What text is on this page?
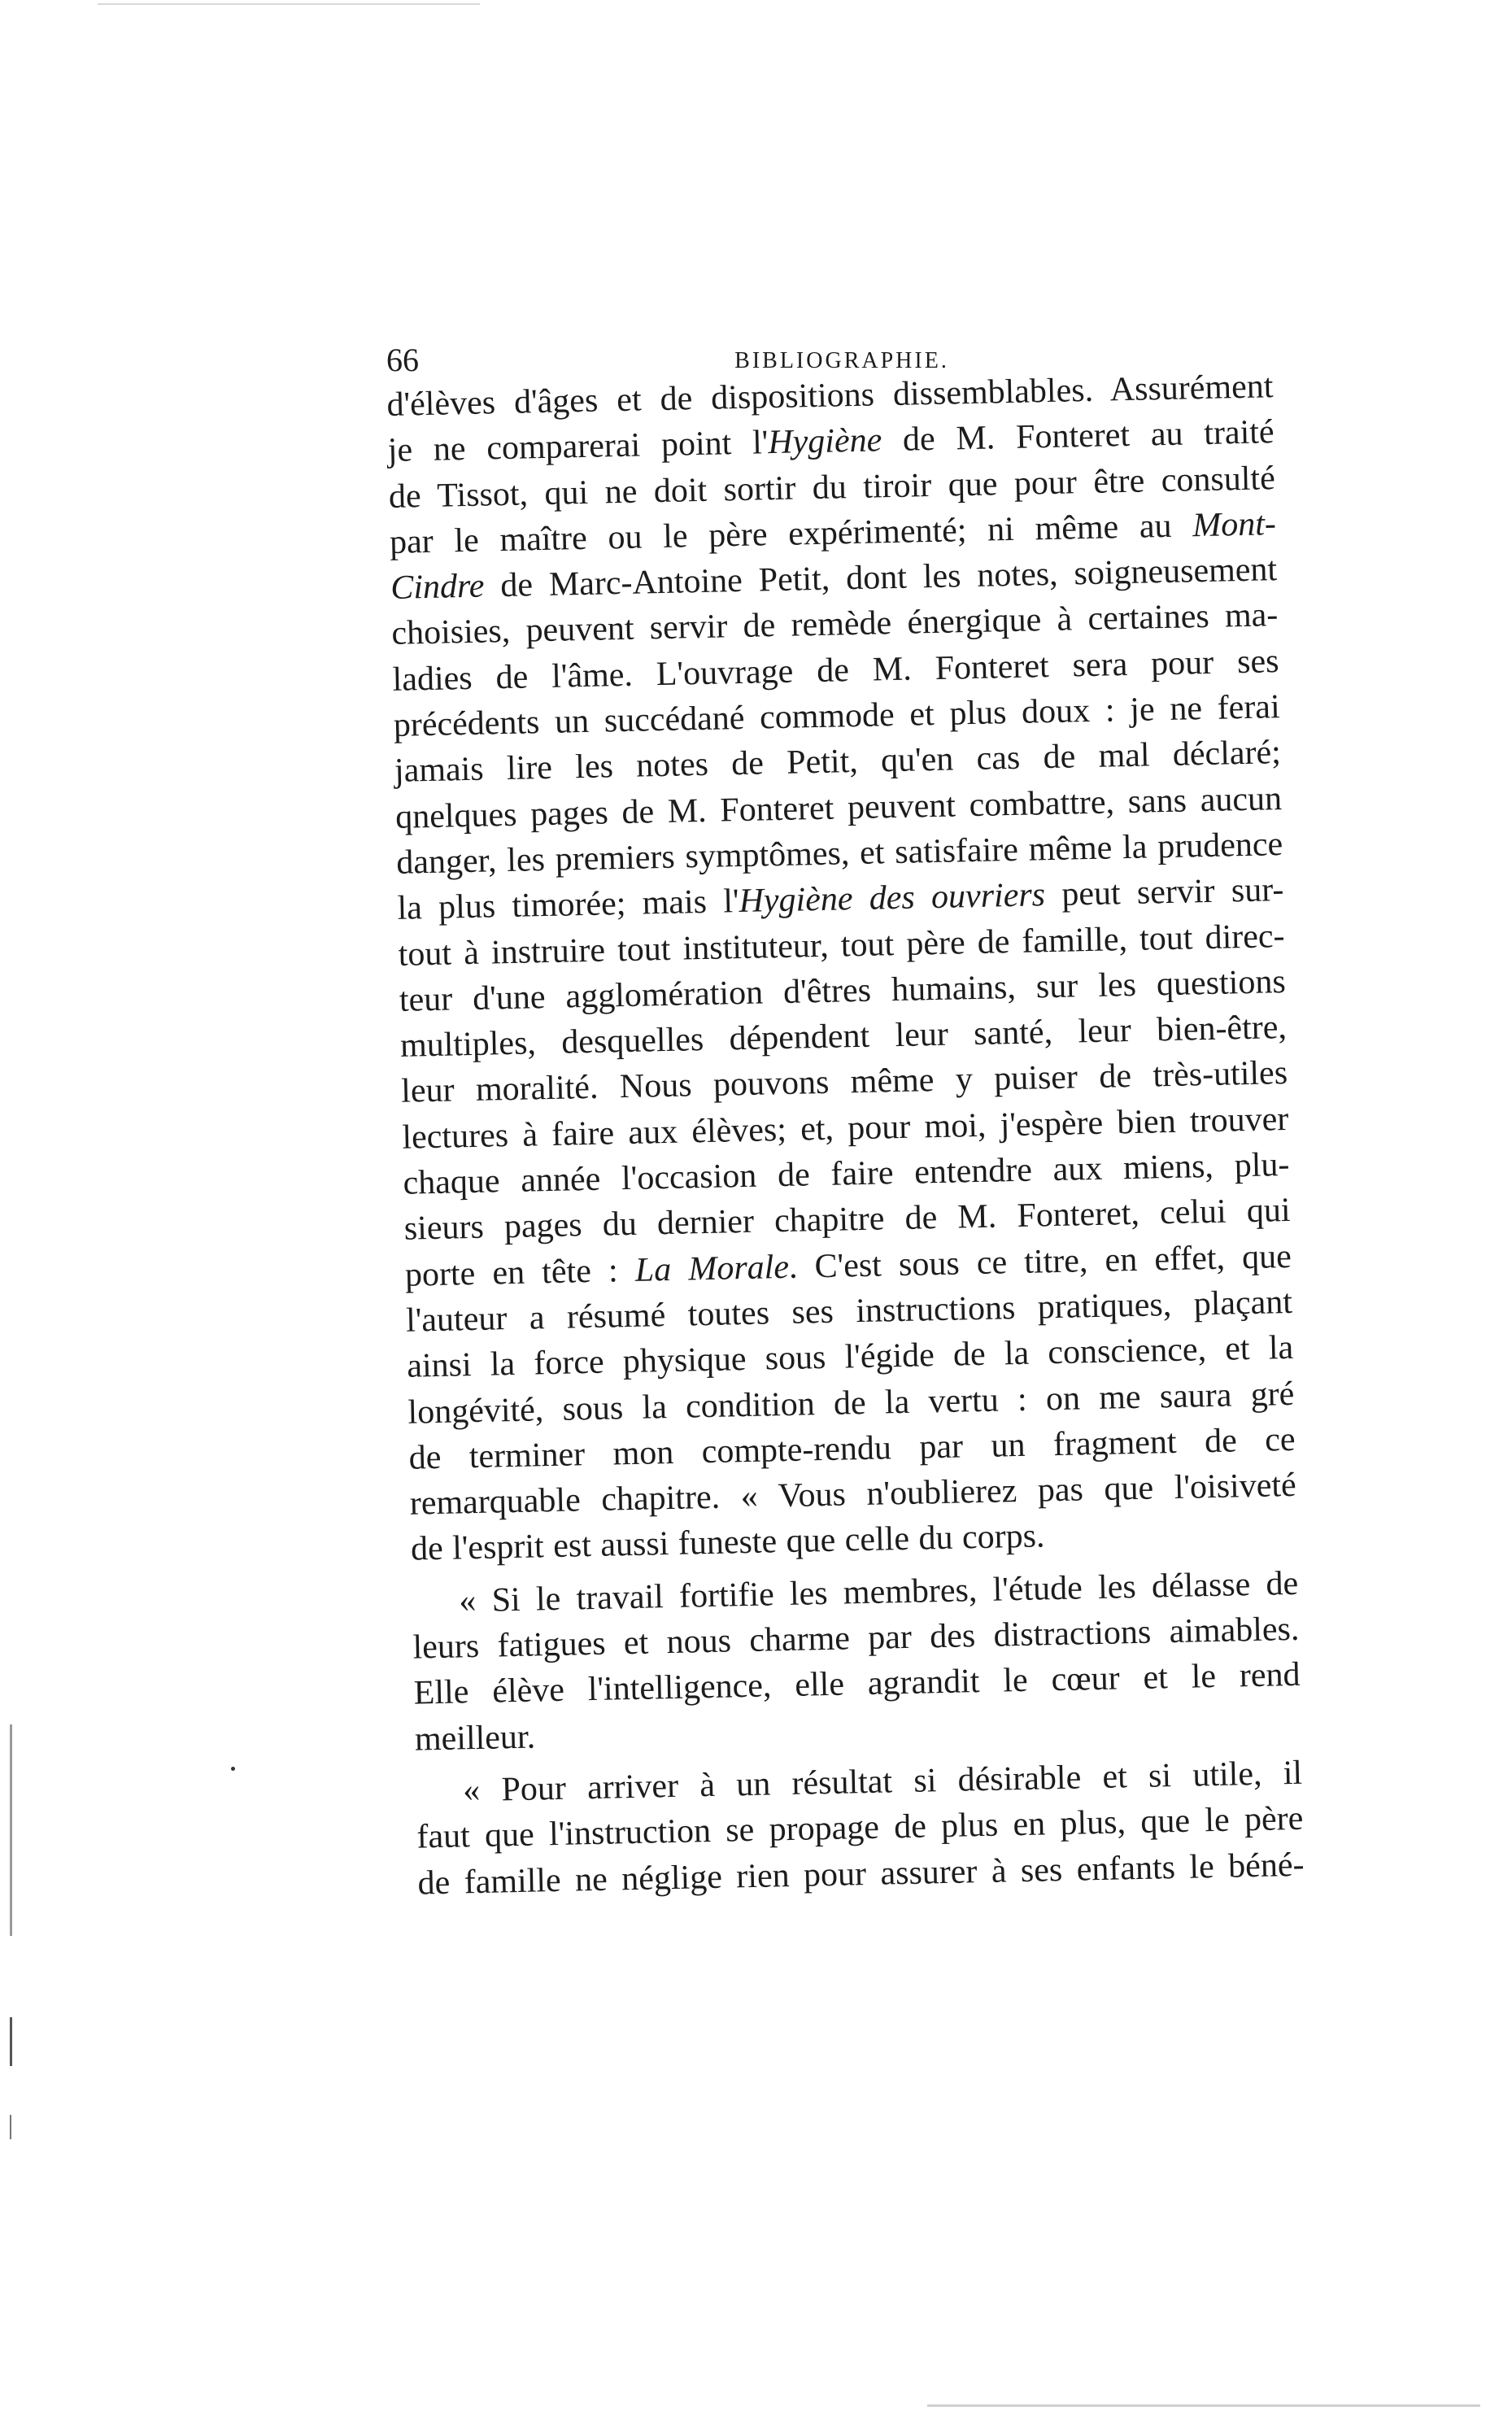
66	BIBLIOGRAPHIE.
d'élèves d'âges et de dispositions dissemblables. Assurément
je ne comparerai point l'Hygiène de M. Fonteret au traité
de Tissot, qui ne doit sortir du tiroir que pour être consulté
par le maître ou le père expérimenté; ni même au Mont-
Cindre de Marc-Antoine Petit, dont les notes, soigneusement
choisies, peuvent servir de remède énergique à certaines ma-
ladies de l'âme. L'ouvrage de M. Fonteret sera pour ses
précédents un succédané commode et plus doux : je ne ferai
jamais lire les notes de Petit, qu'en cas de mal déclaré;
qnelques pages de M. Fonteret peuvent combattre, sans aucun
danger, les premiers symptômes, et satisfaire même la prudence
la plus timorée; mais l'Hygiène des ouvriers peut servir sur-
tout à instruire tout instituteur, tout père de famille, tout direc-
teur d'une agglomération d'êtres humains, sur les questions
multiples, desquelles dépendent leur santé, leur bien-être,
leur moralité. Nous pouvons même y puiser de très-utiles
lectures à faire aux élèves; et, pour moi, j'espère bien trouver
chaque année l'occasion de faire entendre aux miens, plu-
sieurs pages du dernier chapitre de M. Fonteret, celui qui
porte en tête : La Morale. C'est sous ce titre, en effet, que
l'auteur a résumé toutes ses instructions pratiques, plaçant
ainsi la force physique sous l'égide de la conscience, et la
longévité, sous la condition de la vertu : on me saura gré
de terminer mon compte-rendu par un fragment de ce
remarquable chapitre. « Vous n'oublierez pas que l'oisiveté
de l'esprit est aussi funeste que celle du corps.
« Si le travail fortifie les membres, l'étude les délasse de
leurs fatigues et nous charme par des distractions aimables.
Elle élève l'intelligence, elle agrandit le cœur et le rend
meilleur.
« Pour arriver à un résultat si désirable et si utile, il
faut que l'instruction se propage de plus en plus, que le père
de famille ne néglige rien pour assurer à ses enfants le béné-
